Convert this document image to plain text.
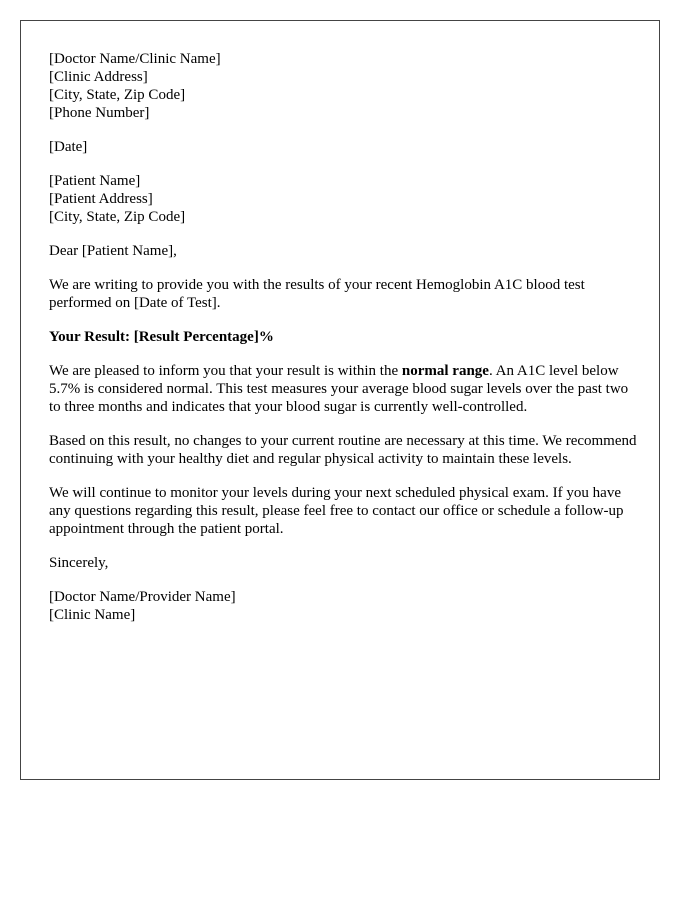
[Doctor Name/Clinic Name]
[Clinic Address]
[City, State, Zip Code]
[Phone Number]
[Date]
[Patient Name]
[Patient Address]
[City, State, Zip Code]

Dear [Patient Name],

We are writing to provide you with the results of your recent Hemoglobin A1C blood test performed on [Date of Test].

Your Result: [Result Percentage]%

We are pleased to inform you that your result is within the normal range. An A1C level below 5.7% is considered normal. This test measures your average blood sugar levels over the past two to three months and indicates that your blood sugar is currently well-controlled.

Based on this result, no changes to your current routine are necessary at this time. We recommend continuing with your healthy diet and regular physical activity to maintain these levels.

We will continue to monitor your levels during your next scheduled physical exam. If you have any questions regarding this result, please feel free to contact our office or schedule a follow-up appointment through the patient portal.

Sincerely,

[Doctor Name/Provider Name]
[Clinic Name]
